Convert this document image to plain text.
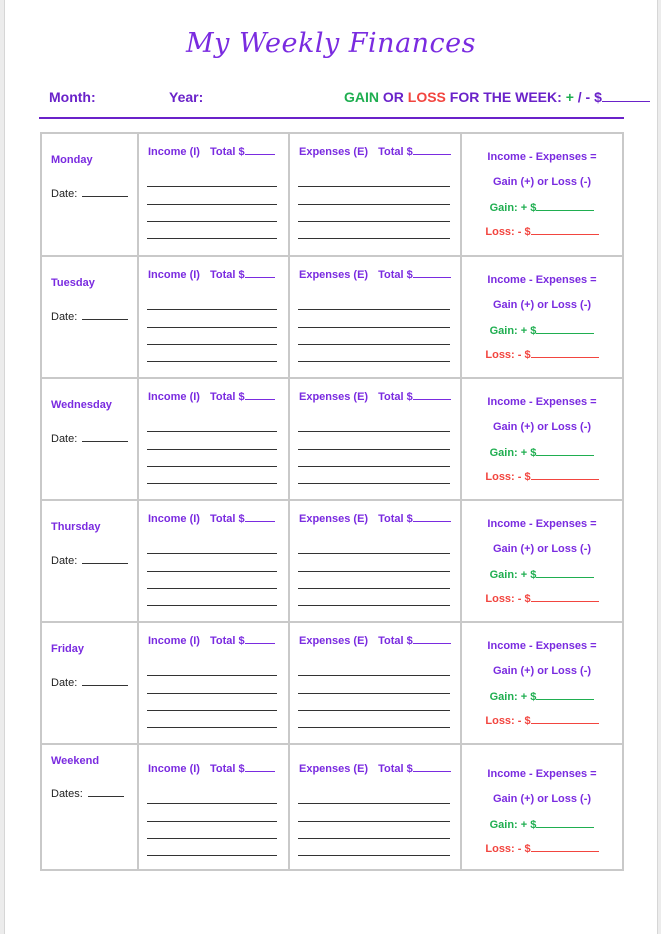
My Weekly Finances
Month:	Year:	GAIN OR LOSS FOR THE WEEK: + / - $
Monday
Date:
Income (I) Total $	Expenses (E) Total $	Income - Expenses =
Gain (+) or Loss (-)
Gain: + $
Loss: - $
Tuesday
Date:
Income (I) Total $	Expenses (E) Total $	Income - Expenses =
Gain (+) or Loss (-)
Gain: + $
Loss: - $
Wednesday
Date:
Income (I) Total $	Expenses (E) Total $	Income - Expenses =
Gain (+) or Loss (-)
Gain: + $
Loss: - $
Thursday
Date:
Income (I) Total $	Expenses (E) Total $	Income - Expenses =
Gain (+) or Loss (-)
Gain: + $
Loss: - $
Friday
Date:
Income (I) Total $	Expenses (E) Total $	Income - Expenses =
Gain (+) or Loss (-)
Gain: + $
Loss: - $
Weekend
Dates:
Income (I) Total $	Expenses (E) Total $	Income - Expenses =
Gain (+) or Loss (-)
Gain: + $
Loss: - $
